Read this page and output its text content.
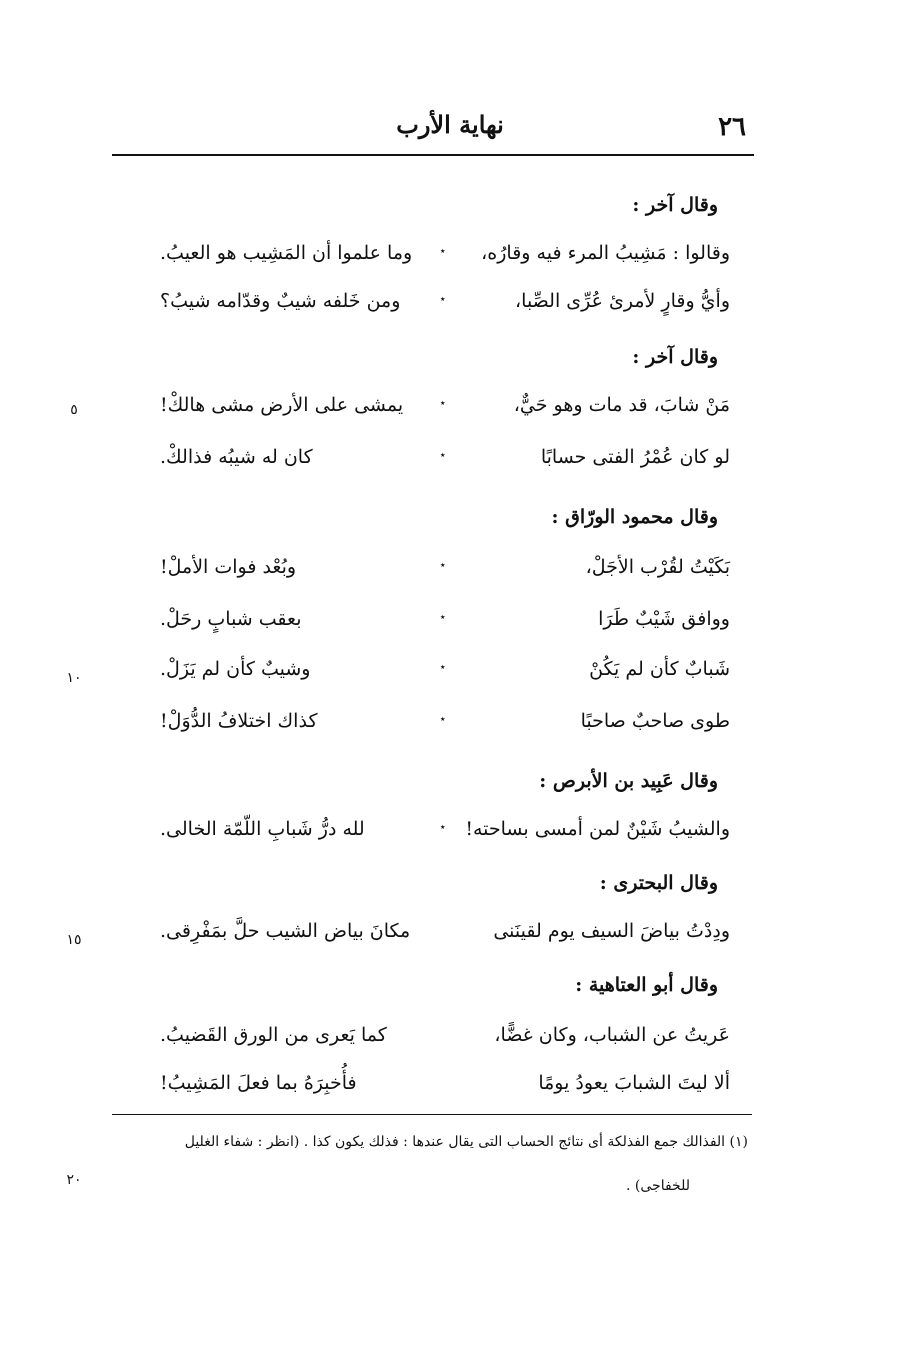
٢٦
نهاية الأرب
وقال آخر :
وقالوا : مَشِيبُ المرء فيه وقارُه،
٭
وما علموا أن المَشِيب هو العيبُ.
وأيُّ وقارٍ لأمرئ عُرِّى الصِّبا،
٭
ومن خَلفه شيبٌ وقدّامه شيبُ؟
وقال آخر :
مَنْ شابَ، قد مات وهو حَيٌّ،
٭
يمشى على الأرض مشى هالكْ!
٥
لو كان عُمْرُ الفتى حسابًا
٭
كان له شيبُه فذالكْ.
وقال محمود الورّاق :
بَكَيْتُ لقُرْب الأجَلْ،
٭
وبُعْد فوات الأملْ!
ووافق شَيْبٌ طَرَا
٭
بعقب شبابٍ رحَلْ.
شَبابٌ كأن لم يَكُنْ
٭
وشيبٌ كأن لم يَزَلْ.
١٠
طوى صاحبٌ صاحبًا
٭
كذاك اختلافُ الدُّوَلْ!
وقال عَبِيد بن الأبرص :
والشيبُ شَيْنٌ لمن أمسى بساحته!
٭
لله درُّ شَبابِ اللّمّة الخالى.
وقال البحترى :
ودِدْتُ بياضَ السيف يوم لقينَنى
مكانَ بياض الشيب حلَّ بمَفْرِقى.
١٥
وقال أبو العتاهية :
عَريتُ عن الشباب، وكان غضًّا،
كما يَعرى من الورق القَضيبُ.
ألا ليتَ الشبابَ يعودُ يومًا
فأُخبِرَهُ بما فعلَ المَشِيبُ!
(١) الفذالك جمع الفذلكة أى نتائج الحساب التى يقال عندها : فذلك يكون كذا . (انظر : شفاء الغليل
للخفاجى) .
٢٠
